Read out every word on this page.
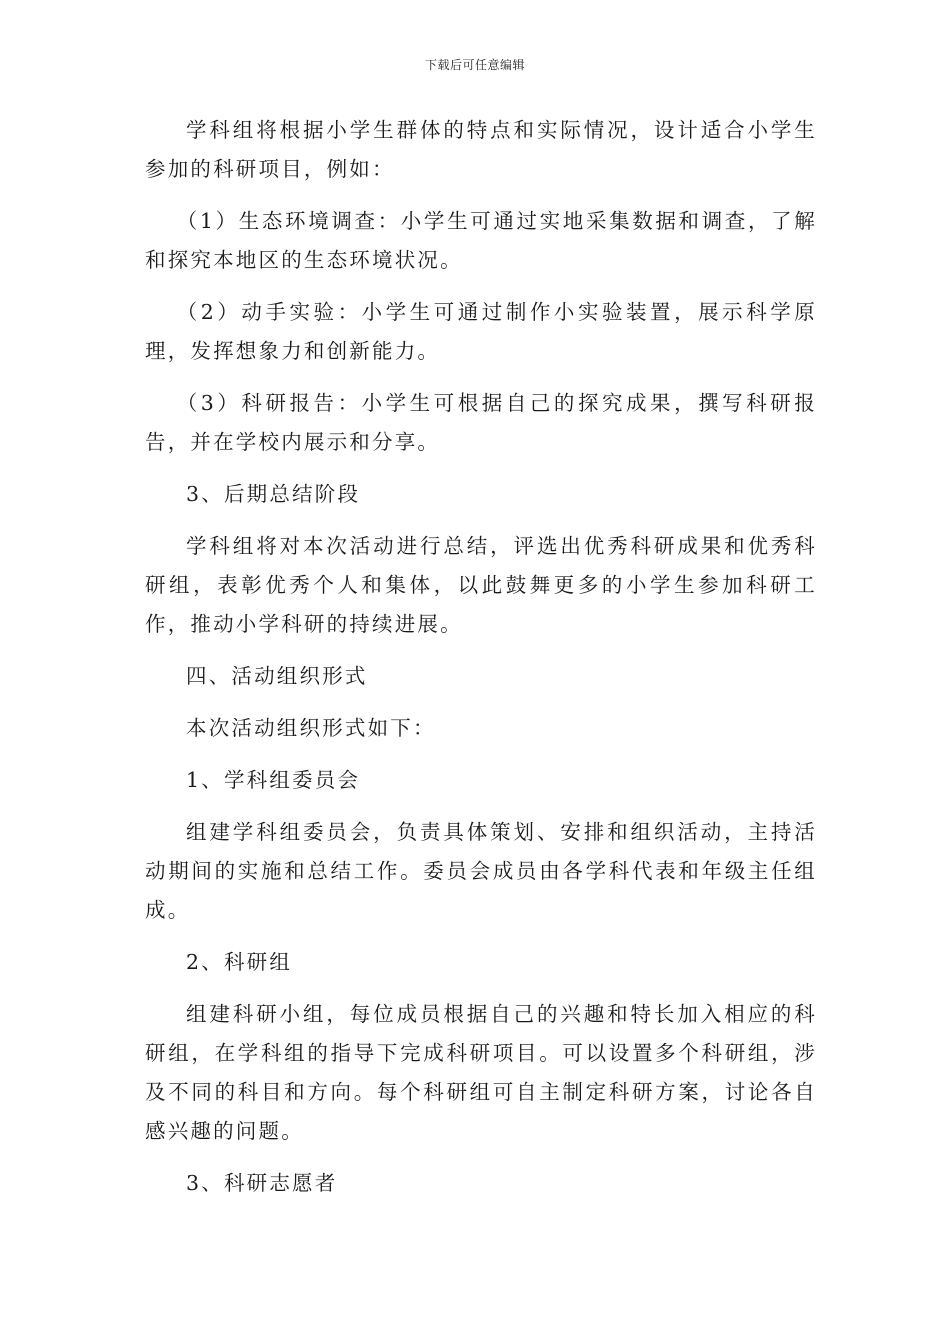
下载后可任意编辑

学科组将根据小学生群体的特点和实际情况，设计适合小学生参加的科研项目，例如：

（1）生态环境调查：小学生可通过实地采集数据和调查，了解和探究本地区的生态环境状况。

（2）动手实验：小学生可通过制作小实验装置，展示科学原理，发挥想象力和创新能力。

（3）科研报告：小学生可根据自己的探究成果，撰写科研报告，并在学校内展示和分享。

3、后期总结阶段

学科组将对本次活动进行总结，评选出优秀科研成果和优秀科研组，表彰优秀个人和集体，以此鼓舞更多的小学生参加科研工作，推动小学科研的持续进展。

四、活动组织形式

本次活动组织形式如下：

1、学科组委员会

组建学科组委员会，负责具体策划、安排和组织活动，主持活动期间的实施和总结工作。委员会成员由各学科代表和年级主任组成。

2、科研组

组建科研小组，每位成员根据自己的兴趣和特长加入相应的科研组，在学科组的指导下完成科研项目。可以设置多个科研组，涉及不同的科目和方向。每个科研组可自主制定科研方案，讨论各自感兴趣的问题。

3、科研志愿者
